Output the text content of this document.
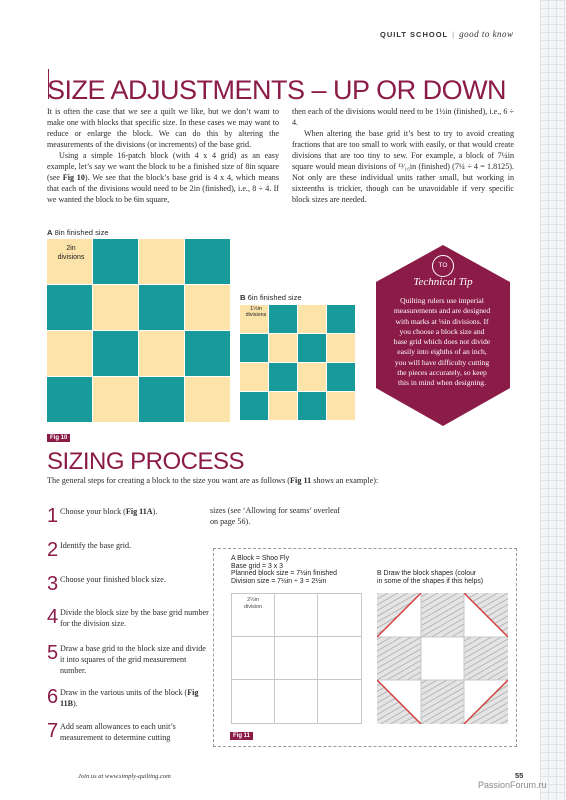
QUILT SCHOOL | good to know
SIZE ADJUSTMENTS – UP OR DOWN

It is often the case that we see a quilt we like, but we don’t want to make one with blocks that specific size. In these cases we may want to reduce or enlarge the block. We can do this by altering the measurements of the divisions (or increments) of the base grid.

Using a simple 16-patch block (with 4 x 4 grid) as an easy example, let’s say we want the block to be a finished size of 8in square (see Fig 10). We see that the block’s base grid is 4 x 4, which means that each of the divisions would need to be 2in (finished), i.e., 8 ÷ 4. If we wanted the block to be 6in square,

then each of the divisions would need to be 1½in (finished), i.e., 6 ÷ 4.

When altering the base grid it’s best to try to avoid creating fractions that are too small to work with easily, or that would create divisions that are too tiny to sew. For example, a block of 7¼in square would mean divisions of ¹³⁄₁₆in (finished) (7¼ ÷ 4 = 1.8125). Not only are these individual units rather small, but working in sixteenths is trickier, though can be unavoidable if very specific block sizes are needed.

A 8in finished size
2in
divisions
B 6in finished size
1½in
divisions
Fig 10
TO
Technical Tip
Quilting rulers use imperial measurements and are designed with marks at ⅛in divisions. If you choose a block size and base grid which does not divide easily into eighths of an inch, you will have difficulty cutting the pieces accurately, so keep this in mind when designing.
SIZING PROCESS
The general steps for creating a block to the size you want are as follows (Fig 11 shows an example):
1 Choose your block (Fig 11A).
2 Identify the base grid.
3 Choose your finished block size.
4 Divide the block size by the base grid number for the division size.
5 Draw a base grid to the block size and divide it into squares of the grid measurement number.
6 Draw in the various units of the block (Fig 11B).
7 Add seam allowances to each unit’s measurement to determine cutting
sizes (see ‘Allowing for seams’ overleaf on page 56).
A Block = Shoo Fly
Base grid = 3 x 3
Planned block size = 7½in finished
Division size = 7½in ÷ 3 = 2½in
B Draw the block shapes (colour
in some of the shapes if this helps)
2½in
division
Fig 11
Join us at www.simply-quilting.com	55
PassionForum.ru
